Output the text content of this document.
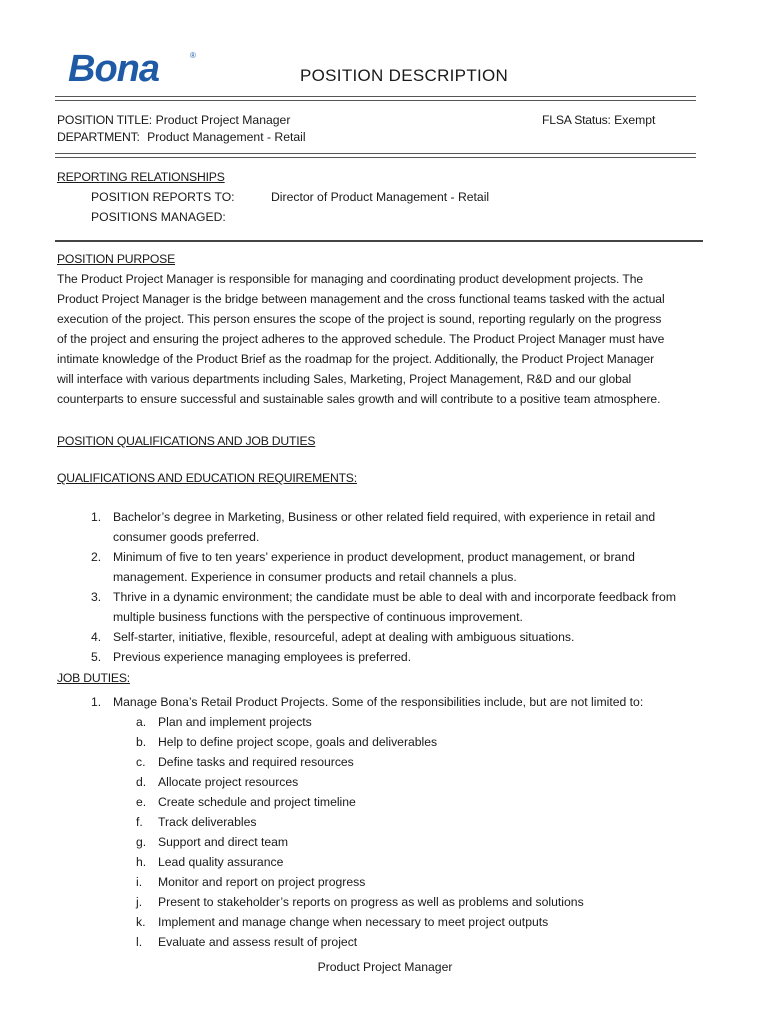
Bona	®
POSITION DESCRIPTION
POSITION TITLE: Product Project Manager
DEPARTMENT: Product Management - Retail
FLSA Status: Exempt
REPORTING RELATIONSHIPS
POSITION REPORTS TO:	Director of Product Management - Retail
POSITIONS MANAGED:
POSITION PURPOSE
The Product Project Manager is responsible for managing and coordinating product development projects. The
Product Project Manager is the bridge between management and the cross functional teams tasked with the actual
execution of the project. This person ensures the scope of the project is sound, reporting regularly on the progress
of the project and ensuring the project adheres to the approved schedule. The Product Project Manager must have
intimate knowledge of the Product Brief as the roadmap for the project. Additionally, the Product Project Manager
will interface with various departments including Sales, Marketing, Project Management, R&D and our global
counterparts to ensure successful and sustainable sales growth and will contribute to a positive team atmosphere.
POSITION QUALIFICATIONS AND JOB DUTIES
QUALIFICATIONS AND EDUCATION REQUIREMENTS:
1. Bachelor’s degree in Marketing, Business or other related field required, with experience in retail and
consumer goods preferred.
2. Minimum of five to ten years’ experience in product development, product management, or brand
management. Experience in consumer products and retail channels a plus.
3. Thrive in a dynamic environment; the candidate must be able to deal with and incorporate feedback from
multiple business functions with the perspective of continuous improvement.
4. Self-starter, initiative, flexible, resourceful, adept at dealing with ambiguous situations.
5. Previous experience managing employees is preferred.
JOB DUTIES:
1. Manage Bona’s Retail Product Projects. Some of the responsibilities include, but are not limited to:
a. Plan and implement projects
b. Help to define project scope, goals and deliverables
c. Define tasks and required resources
d. Allocate project resources
e. Create schedule and project timeline
f. Track deliverables
g. Support and direct team
h. Lead quality assurance
i. Monitor and report on project progress
j. Present to stakeholder’s reports on progress as well as problems and solutions
k. Implement and manage change when necessary to meet project outputs
l. Evaluate and assess result of project
Product Project Manager
